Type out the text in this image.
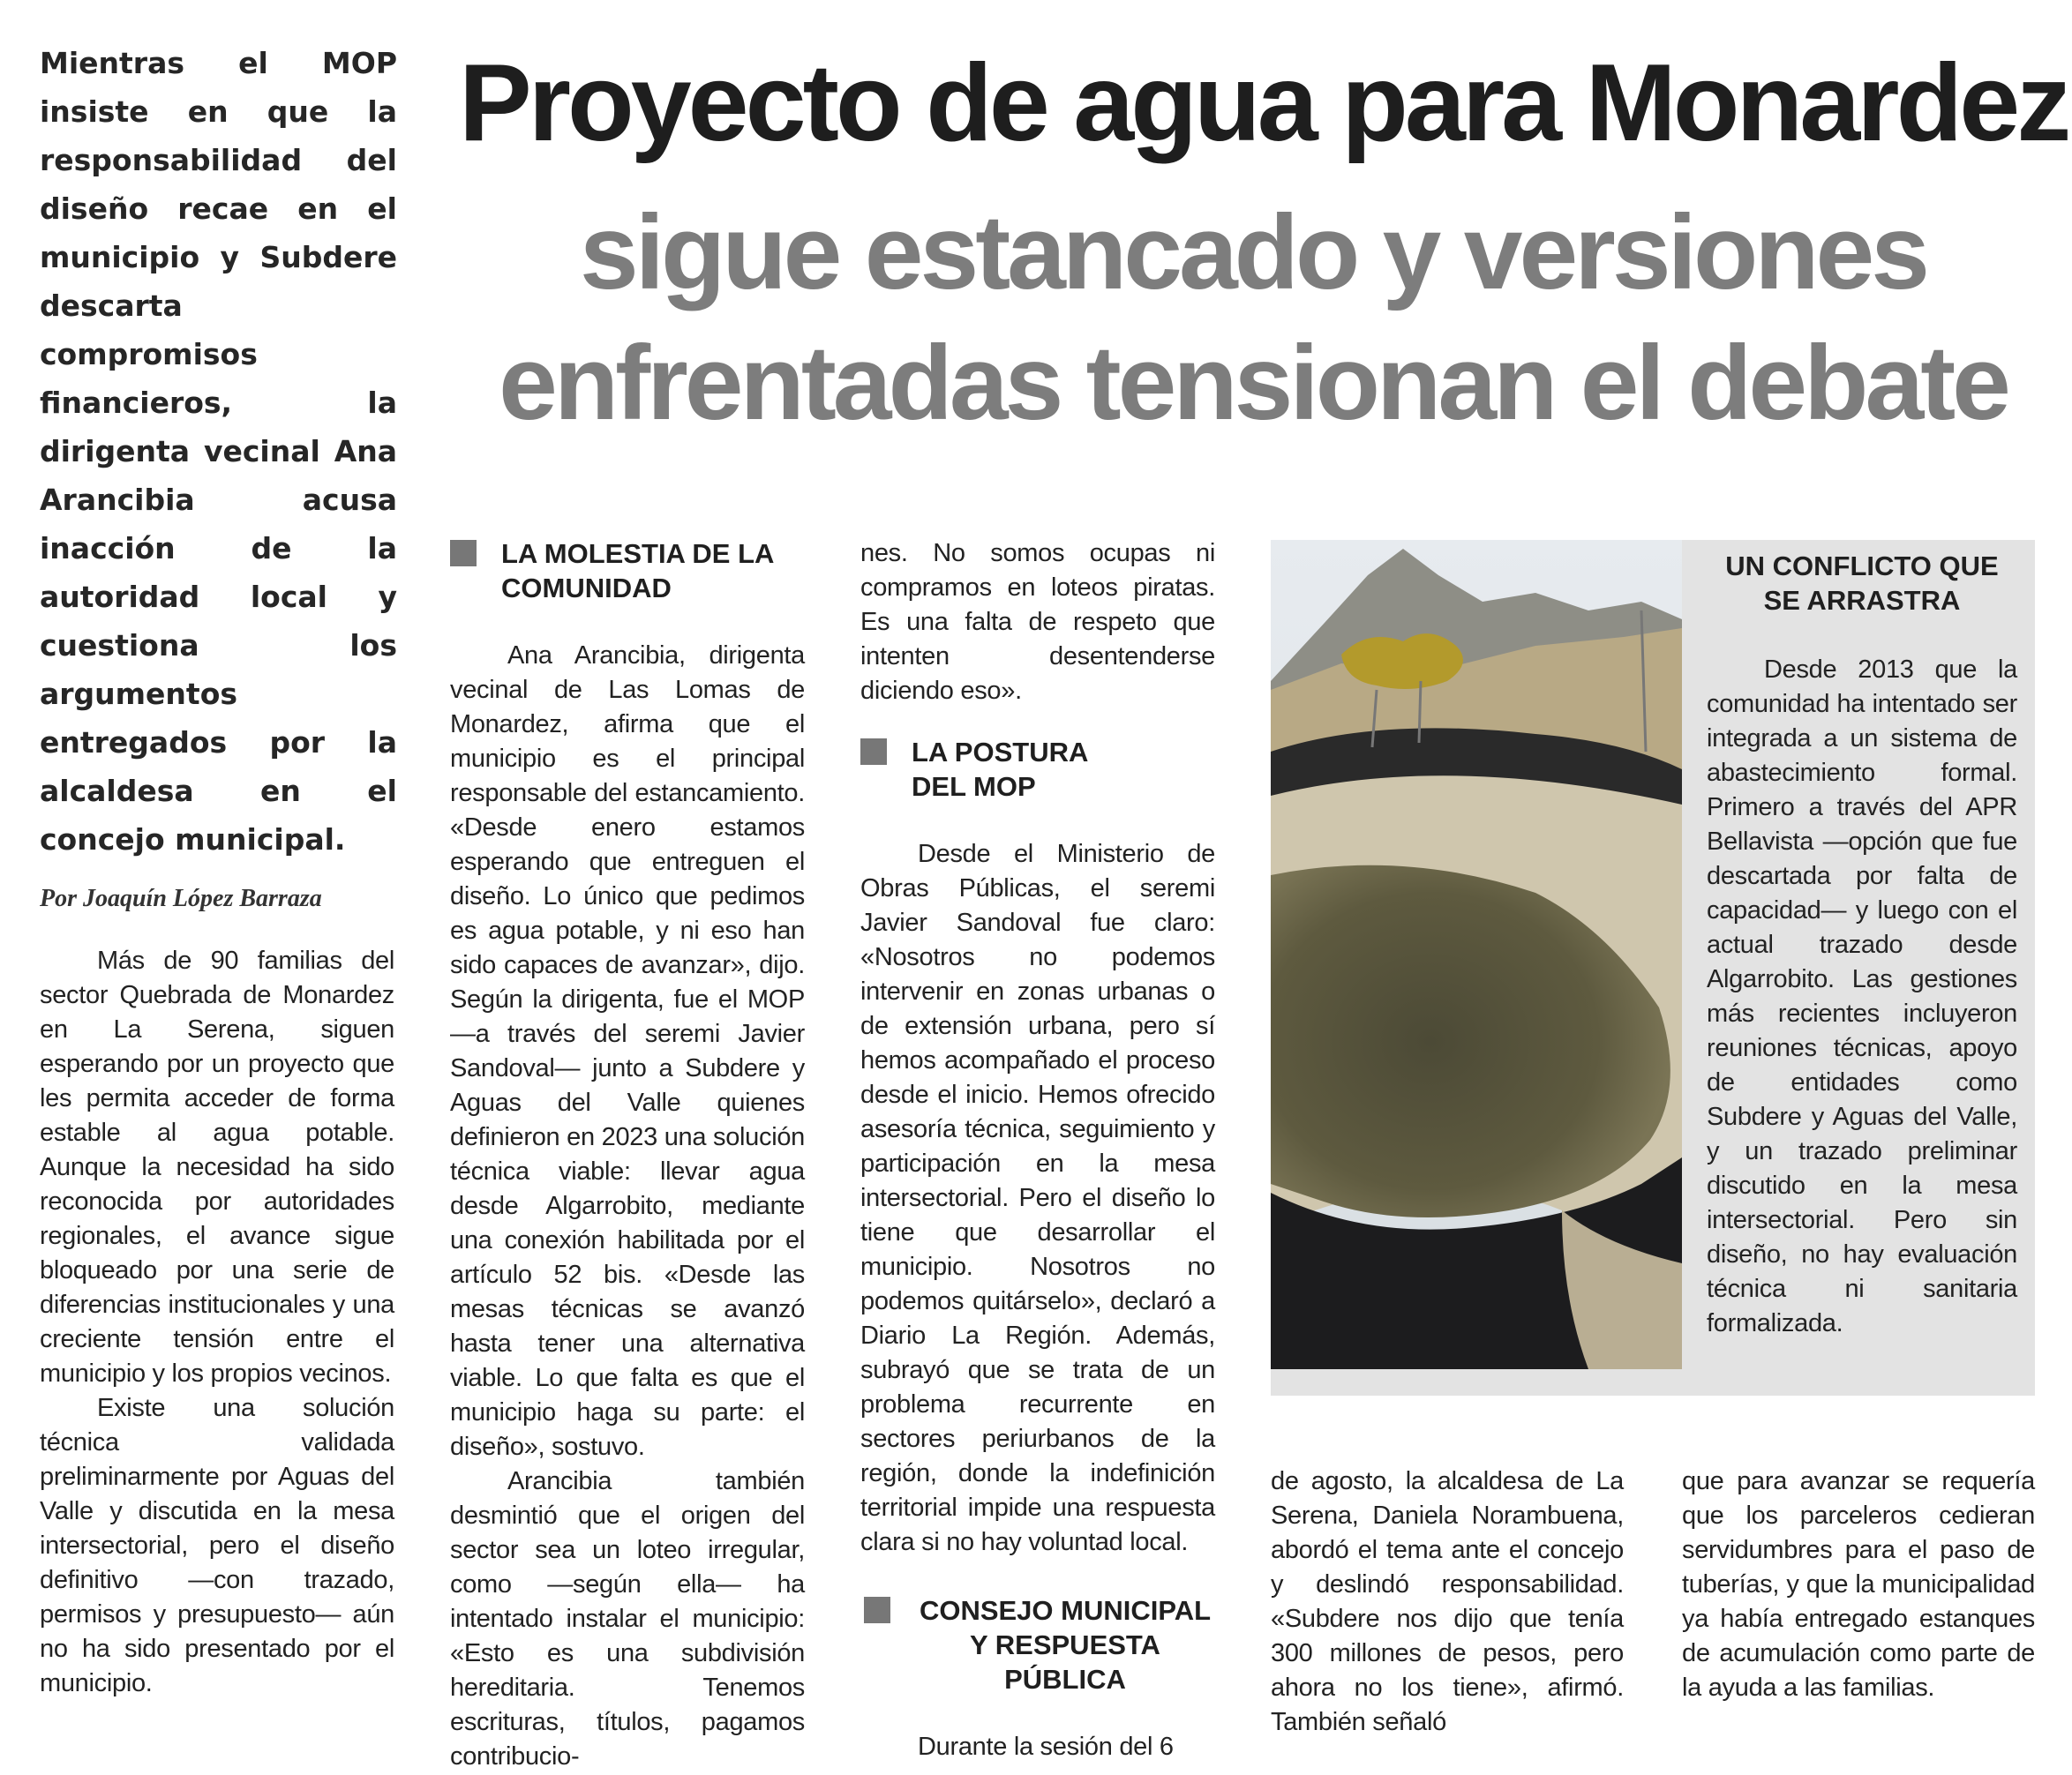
Mientras el MOP insiste en que la responsabilidad del diseño recae en el municipio y Subdere descarta compromisos financieros, la dirigenta vecinal Ana Arancibia acusa inacción de la autoridad local y cuestiona los argumentos entregados por la alcaldesa en el concejo municipal.
Proyecto de agua para Monardez
sigue estancado y versiones enfrentadas tensionan el debate
Por Joaquín López Barraza

Más de 90 familias del sector Quebrada de Monardez en La Serena, siguen esperando por un proyecto que les permita acceder de forma estable al agua potable. Aunque la necesidad ha sido reconocida por autoridades regionales, el avance sigue bloqueado por una serie de diferencias institucionales y una creciente tensión entre el municipio y los propios vecinos.

Existe una solución técnica validada preliminarmente por Aguas del Valle y discutida en la mesa intersectorial, pero el diseño definitivo —con trazado, permisos y presupuesto— aún no ha sido presentado por el municipio.

LA MOLESTIA DE LA COMUNIDAD

Ana Arancibia, dirigenta vecinal de Las Lomas de Monardez, afirma que el municipio es el principal responsable del estancamiento. «Desde enero estamos esperando que entreguen el diseño. Lo único que pedimos es agua potable, y ni eso han sido capaces de avanzar», dijo. Según la dirigenta, fue el MOP —a través del seremi Javier Sandoval— junto a Subdere y Aguas del Valle quienes definieron en 2023 una solución técnica viable: llevar agua desde Algarrobito, mediante una conexión habilitada por el artículo 52 bis. «Desde las mesas técnicas se avanzó hasta tener una alternativa viable. Lo que falta es que el municipio haga su parte: el diseño», sostuvo.

Arancibia también desmintió que el origen del sector sea un loteo irregular, como —según ella— ha intentado instalar el municipio: «Esto es una subdivisión hereditaria. Tenemos escrituras, títulos, pagamos contribucio-

nes. No somos ocupas ni compramos en loteos piratas. Es una falta de respeto que intenten desentenderse diciendo eso».

LA POSTURA DEL MOP

Desde el Ministerio de Obras Públicas, el seremi Javier Sandoval fue claro: «Nosotros no podemos intervenir en zonas urbanas o de extensión urbana, pero sí hemos acompañado el proceso desde el inicio. Hemos ofrecido asesoría técnica, seguimiento y participación en la mesa intersectorial. Pero el diseño lo tiene que desarrollar el municipio. Nosotros no podemos quitárselo», declaró a Diario La Región. Además, subrayó que se trata de un problema recurrente en sectores periurbanos de la región, donde la indefinición territorial impide una respuesta clara si no hay voluntad local.

CONSEJO MUNICIPAL Y RESPUESTA PÚBLICA

Durante la sesión del 6

UN CONFLICTO QUE SE ARRASTRA

Desde 2013 que la comunidad ha intentado ser integrada a un sistema de abastecimiento formal. Primero a través del APR Bellavista —opción que fue descartada por falta de capacidad— y luego con el actual trazado desde Algarrobito. Las gestiones más recientes incluyeron reuniones técnicas, apoyo de entidades como Subdere y Aguas del Valle, y un trazado preliminar discutido en la mesa intersectorial. Pero sin diseño, no hay evaluación técnica ni sanitaria formalizada.

de agosto, la alcaldesa de La Serena, Daniela Norambuena, abordó el tema ante el concejo y deslindó responsabilidad. «Subdere nos dijo que tenía 300 millones de pesos, pero ahora no los tiene», afirmó. También señaló

que para avanzar se requería que los parceleros cedieran servidumbres para el paso de tuberías, y que la municipalidad ya había entregado estanques de acumulación como parte de la ayuda a las familias.
